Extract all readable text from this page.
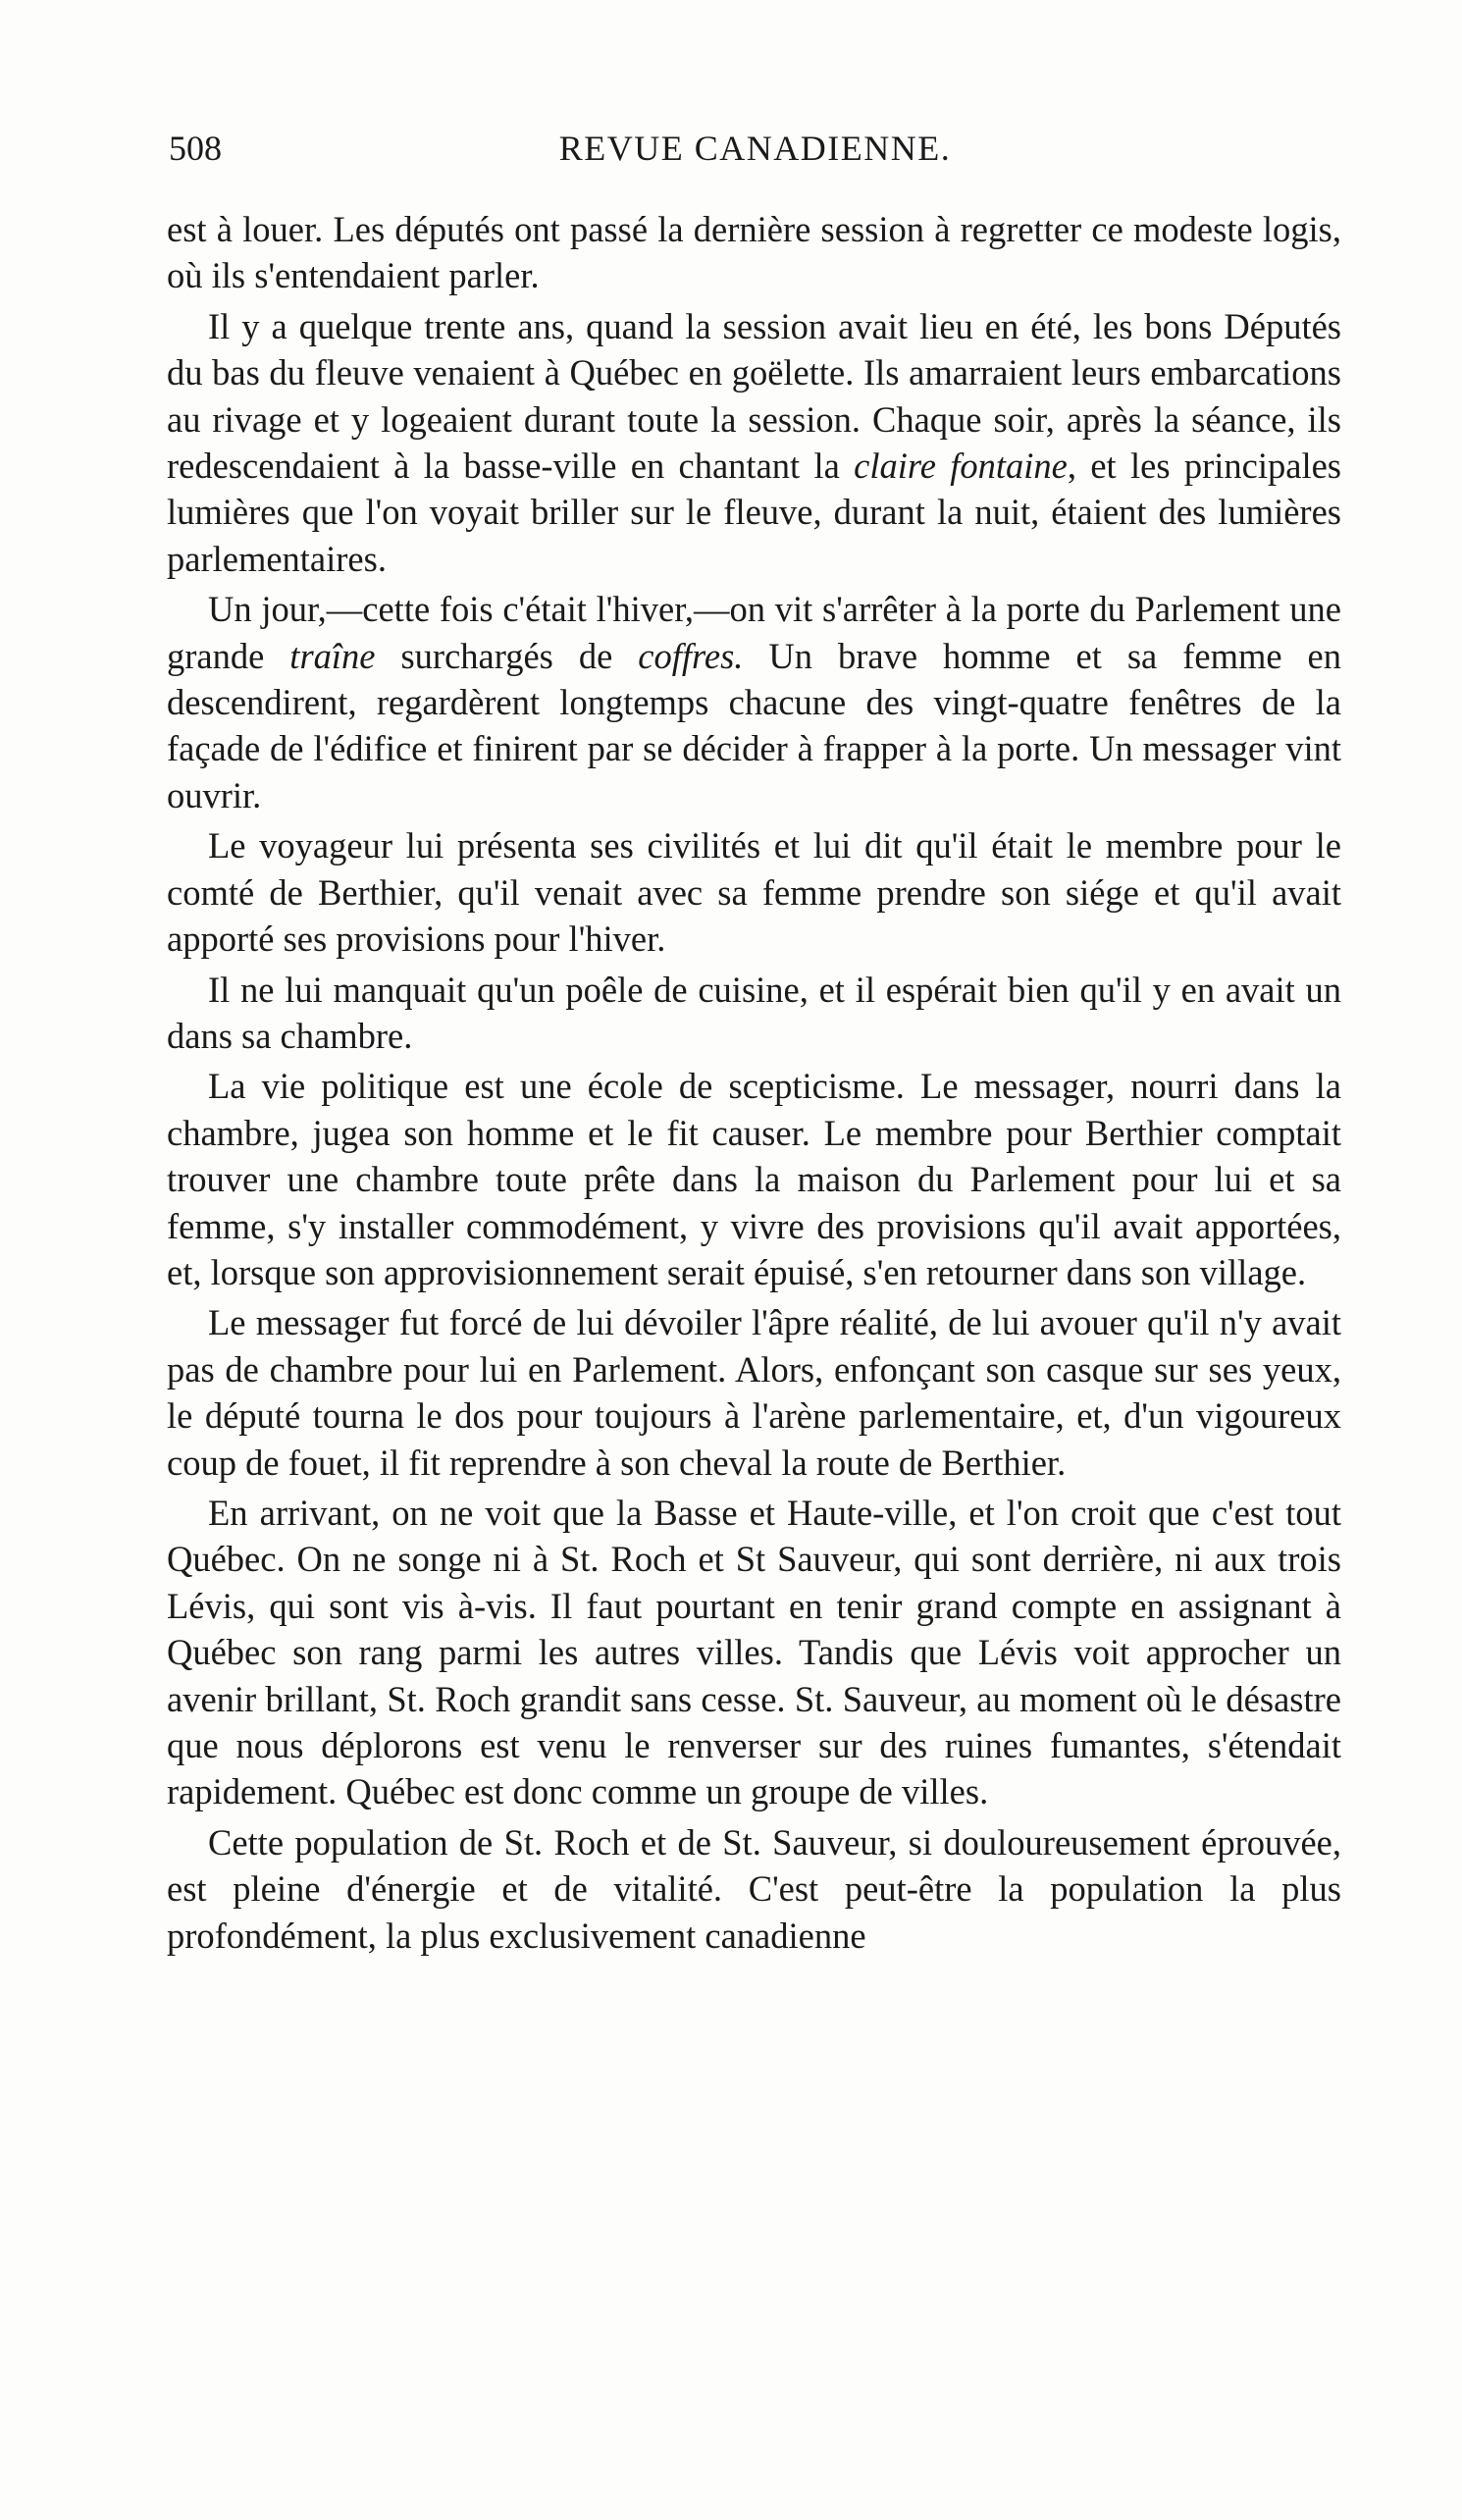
508	REVUE CANADIENNE.

est à louer. Les députés ont passé la dernière session à regretter ce modeste logis, où ils s'entendaient parler.

Il y a quelque trente ans, quand la session avait lieu en été, les bons Députés du bas du fleuve venaient à Québec en goëlette. Ils amarraient leurs embarcations au rivage et y logeaient durant toute la session. Chaque soir, après la séance, ils redescendaient à la basse-ville en chantant la claire fontaine, et les principales lumières que l'on voyait briller sur le fleuve, durant la nuit, étaient des lumières parlementaires.

Un jour,—cette fois c'était l'hiver,—on vit s'arrêter à la porte du Parlement une grande traîne surchargés de coffres. Un brave homme et sa femme en descendirent, regardèrent longtemps chacune des vingt-quatre fenêtres de la façade de l'édifice et finirent par se décider à frapper à la porte. Un messager vint ouvrir.

Le voyageur lui présenta ses civilités et lui dit qu'il était le membre pour le comté de Berthier, qu'il venait avec sa femme prendre son siége et qu'il avait apporté ses provisions pour l'hiver.

Il ne lui manquait qu'un poêle de cuisine, et il espérait bien qu'il y en avait un dans sa chambre.

La vie politique est une école de scepticisme. Le messager, nourri dans la chambre, jugea son homme et le fit causer. Le membre pour Berthier comptait trouver une chambre toute prête dans la maison du Parlement pour lui et sa femme, s'y installer commodément, y vivre des provisions qu'il avait apportées, et, lorsque son approvisionnement serait épuisé, s'en retourner dans son village.

Le messager fut forcé de lui dévoiler l'âpre réalité, de lui avouer qu'il n'y avait pas de chambre pour lui en Parlement. Alors, enfonçant son casque sur ses yeux, le député tourna le dos pour toujours à l'arène parlementaire, et, d'un vigoureux coup de fouet, il fit reprendre à son cheval la route de Berthier.

En arrivant, on ne voit que la Basse et Haute-ville, et l'on croit que c'est tout Québec. On ne songe ni à St. Roch et St Sauveur, qui sont derrière, ni aux trois Lévis, qui sont vis à-vis. Il faut pourtant en tenir grand compte en assignant à Québec son rang parmi les autres villes. Tandis que Lévis voit approcher un avenir brillant, St. Roch grandit sans cesse. St. Sauveur, au moment où le désastre que nous déplorons est venu le renverser sur des ruines fumantes, s'étendait rapidement. Québec est donc comme un groupe de villes.

Cette population de St. Roch et de St. Sauveur, si douloureusement éprouvée, est pleine d'énergie et de vitalité. C'est peut-être la population la plus profondément, la plus exclusivement canadienne
